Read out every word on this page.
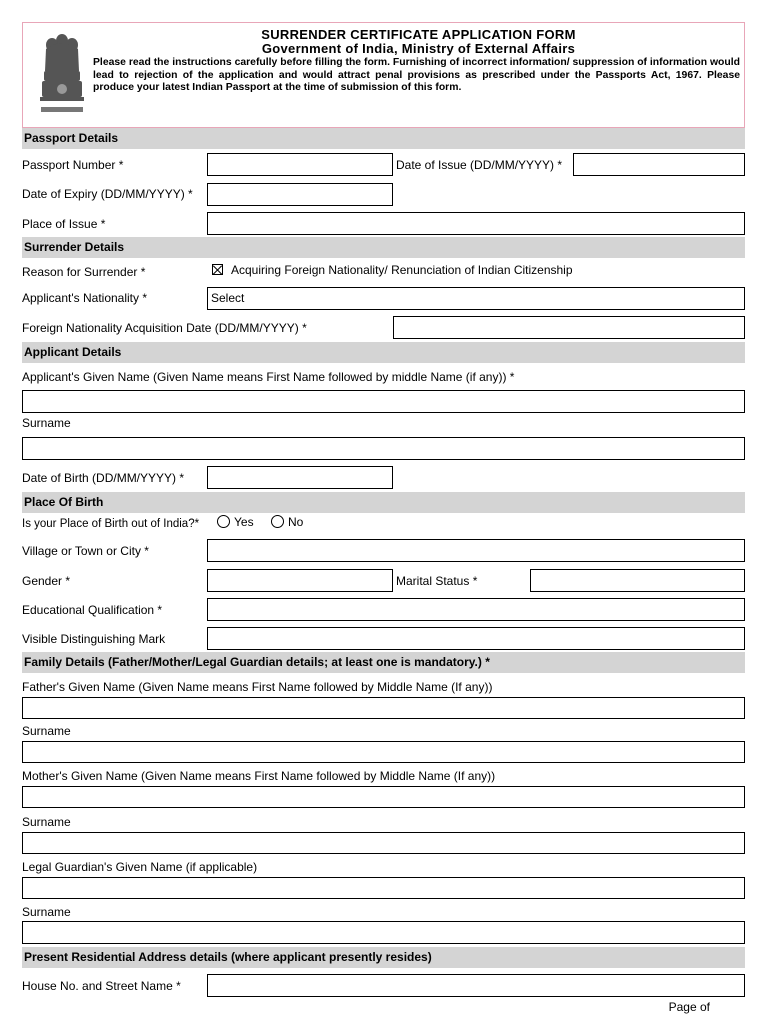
SURRENDER CERTIFICATE APPLICATION FORM
Government of India, Ministry of External Affairs
Please read the instructions carefully before filling the form. Furnishing of incorrect information/ suppression of information would lead to rejection of the application and would attract penal provisions as prescribed under the Passports Act, 1967. Please produce your latest Indian Passport at the time of submission of this form.
Passport Details
Passport Number *	Date of Issue (DD/MM/YYYY) *
Date of Expiry (DD/MM/YYYY) *
Place of Issue *
Surrender Details
Reason for Surrender *	Acquiring Foreign Nationality/ Renunciation of Indian Citizenship
Applicant's Nationality *	Select
Foreign Nationality Acquisition Date (DD/MM/YYYY) *
Applicant Details
Applicant's Given Name (Given Name means First Name followed by middle Name (if any)) *
Surname
Date of Birth (DD/MM/YYYY) *
Place Of Birth
Is your Place of Birth out of India?*	Yes	No
Village or Town or City *
Gender *	Marital Status *
Educational Qualification *
Visible Distinguishing Mark
Family Details (Father/Mother/Legal Guardian details; at least one is mandatory.) *
Father's Given Name (Given Name means First Name followed by Middle Name (If any))
Surname
Mother's Given Name (Given Name means First Name followed by Middle Name (If any))
Surname
Legal Guardian's Given Name (if applicable)
Surname
Present Residential Address details (where applicant presently resides)
House No. and Street Name *
Page of
